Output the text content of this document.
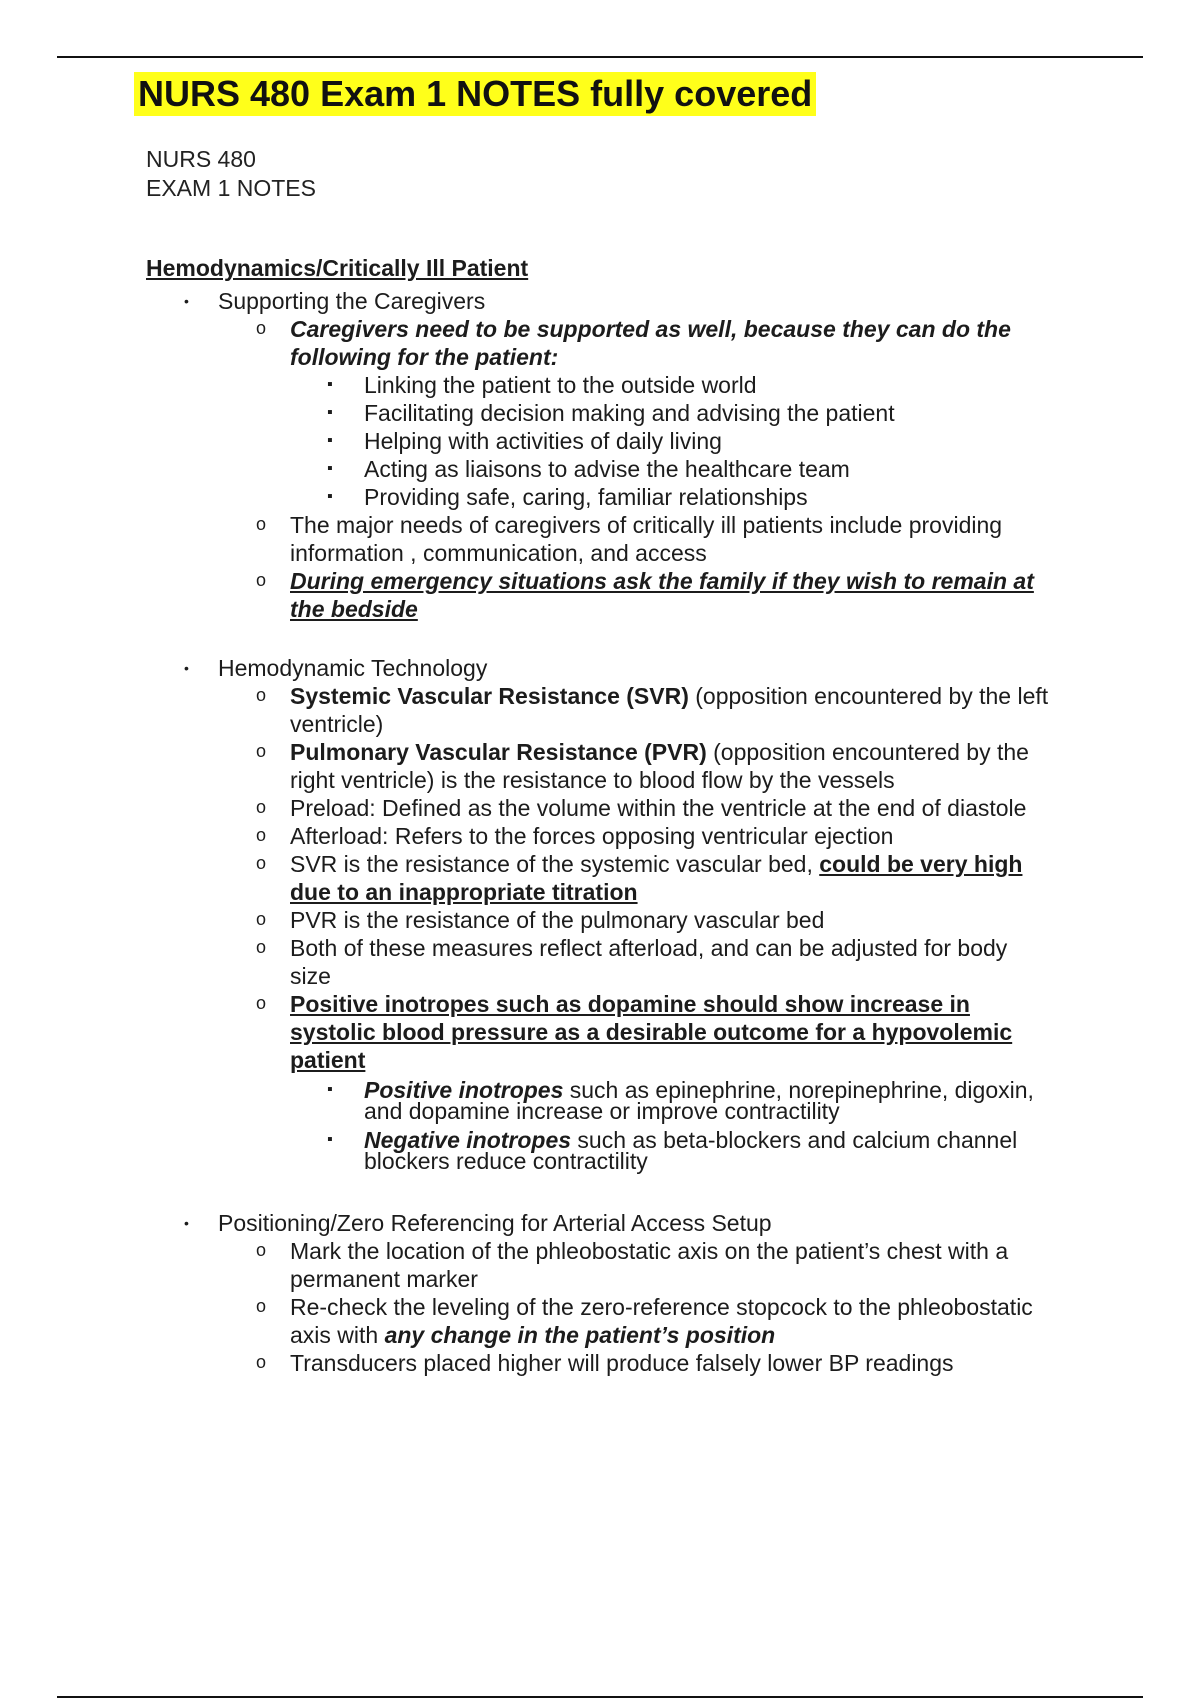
NURS 480 Exam 1 NOTES fully covered
NURS 480
EXAM 1 NOTES
Hemodynamics/Critically Ill Patient
• Supporting the Caregivers
o Caregivers need to be supported as well, because they can do the
following for the patient:
▪ Linking the patient to the outside world
▪ Facilitating decision making and advising the patient
▪ Helping with activities of daily living
▪ Acting as liaisons to advise the healthcare team
▪ Providing safe, caring, familiar relationships
o The major needs of caregivers of critically ill patients include providing
information , communication, and access
o During emergency situations ask the family if they wish to remain at
the bedside
• Hemodynamic Technology
o Systemic Vascular Resistance (SVR) (opposition encountered by the left
ventricle)
o Pulmonary Vascular Resistance (PVR) (opposition encountered by the
right ventricle) is the resistance to blood flow by the vessels
o Preload: Defined as the volume within the ventricle at the end of diastole
o Afterload: Refers to the forces opposing ventricular ejection
o SVR is the resistance of the systemic vascular bed, could be very high
due to an inappropriate titration
o PVR is the resistance of the pulmonary vascular bed
o Both of these measures reflect afterload, and can be adjusted for body
size
o Positive inotropes such as dopamine should show increase in
systolic blood pressure as a desirable outcome for a hypovolemic
patient
▪ Positive inotropes such as epinephrine, norepinephrine, digoxin,
and dopamine increase or improve contractility
▪ Negative inotropes such as beta-blockers and calcium channel
blockers reduce contractility
• Positioning/Zero Referencing for Arterial Access Setup
o Mark the location of the phleobostatic axis on the patient’s chest with a
permanent marker
o Re-check the leveling of the zero-reference stopcock to the phleobostatic
axis with any change in the patient’s position
o Transducers placed higher will produce falsely lower BP readings
